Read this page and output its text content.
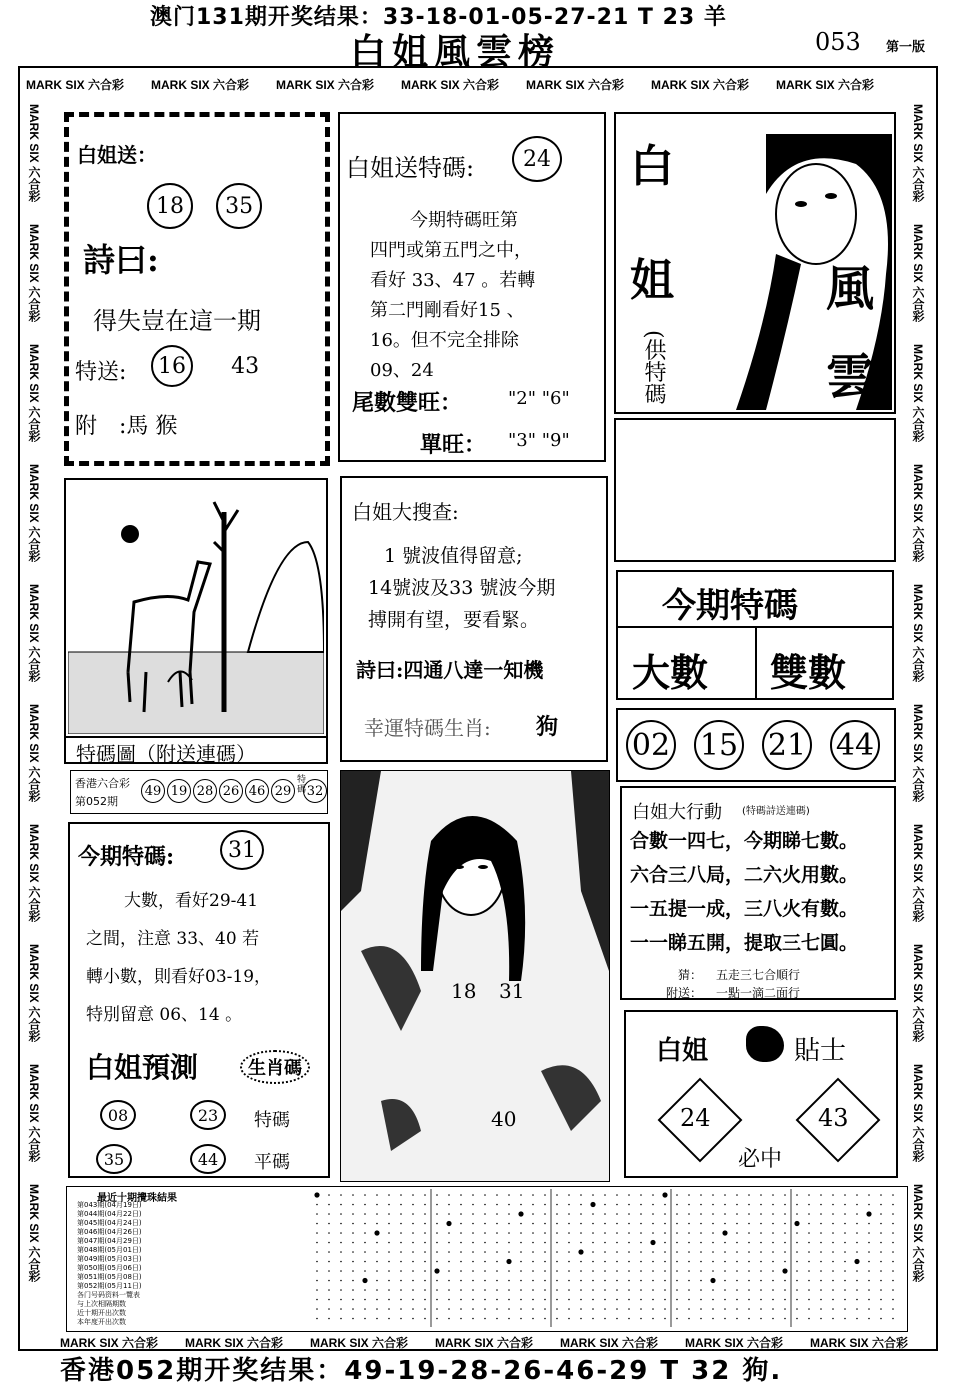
澳门131期开奖结果：33-18-01-05-27-21 T 23 羊
白姐風雲榜	053 第一版
MARK SIX 六合彩	MARK SIX 六合彩	MARK SIX 六合彩	MARK SIX 六合彩	MARK SIX 六合彩	MARK SIX 六合彩	MARK SIX 六合彩
MARK SIX 六合彩	MARK SIX 六合彩	MARK SIX 六合彩	MARK SIX 六合彩	MARK SIX 六合彩	MARK SIX 六合彩	MARK SIX 六合彩
MARK SIX 六合彩
MARK SIX 六合彩
MARK SIX 六合彩
MARK SIX 六合彩
MARK SIX 六合彩
MARK SIX 六合彩
MARK SIX 六合彩
MARK SIX 六合彩
MARK SIX 六合彩
MARK SIX 六合彩
MARK SIX 六合彩
MARK SIX 六合彩
MARK SIX 六合彩
MARK SIX 六合彩
MARK SIX 六合彩
MARK SIX 六合彩
MARK SIX 六合彩
MARK SIX 六合彩
MARK SIX 六合彩
MARK SIX 六合彩
白姐送：
18 35
詩曰:
得失豈在這一期
特送:	16 43
附 :馬 猴
白姐送特碼:	24
今期特碼旺第
四門或第五門之中，
看好 33、47 。若轉
第二門剛看好15 、
16。但不完全排除
09、24
尾數雙旺：	"2" "6"
單旺： "3" "9"
白
姐	風
雲
(供特碼
今期特碼
大數 雙數
02 15 21 44
特碼圖（附送連碼）
白姐大搜查:
1 號波值得留意;
14號波及33 號波今期
搏開有望，要看緊。
詩曰:四通八達一知機
幸運特碼生肖: 狗
香港六合彩
第052期
49 19 28 26 46 29
特碼 32
白姐大行動 (特碼詩送連碼)
合數一四七，今期睇七數。
六合三八局，二六火用數。
一五提一成，三八火有數。
一一睇五開，提取三七圓。
猜： 五走三七合順行
附送： 一點一滴二面行
今期特碼:	31
大數，看好29-41
之間，注意 33、40 若
轉小數，則看好03-19，
特別留意 06、14 。
白姐預測	生肖碼
08	23	特碼
35	44	平碼
18 31
40
白姐	貼士
24	43
必中
最近十期攪珠結果
第043期(04月19日)
第044期(04月22日)
第045期(04月24日)
第046期(04月26日)
第047期(04月29日)
第048期(05月01日)
第049期(05月03日)
第050期(05月06日)
第051期(05月08日)
第052期(05月11日)
各门号码资料一覽表
与上次相隔期数
近十期开出次数
本年度开出次数
香港052期开奖结果：49-19-28-26-46-29 T 32 狗.
